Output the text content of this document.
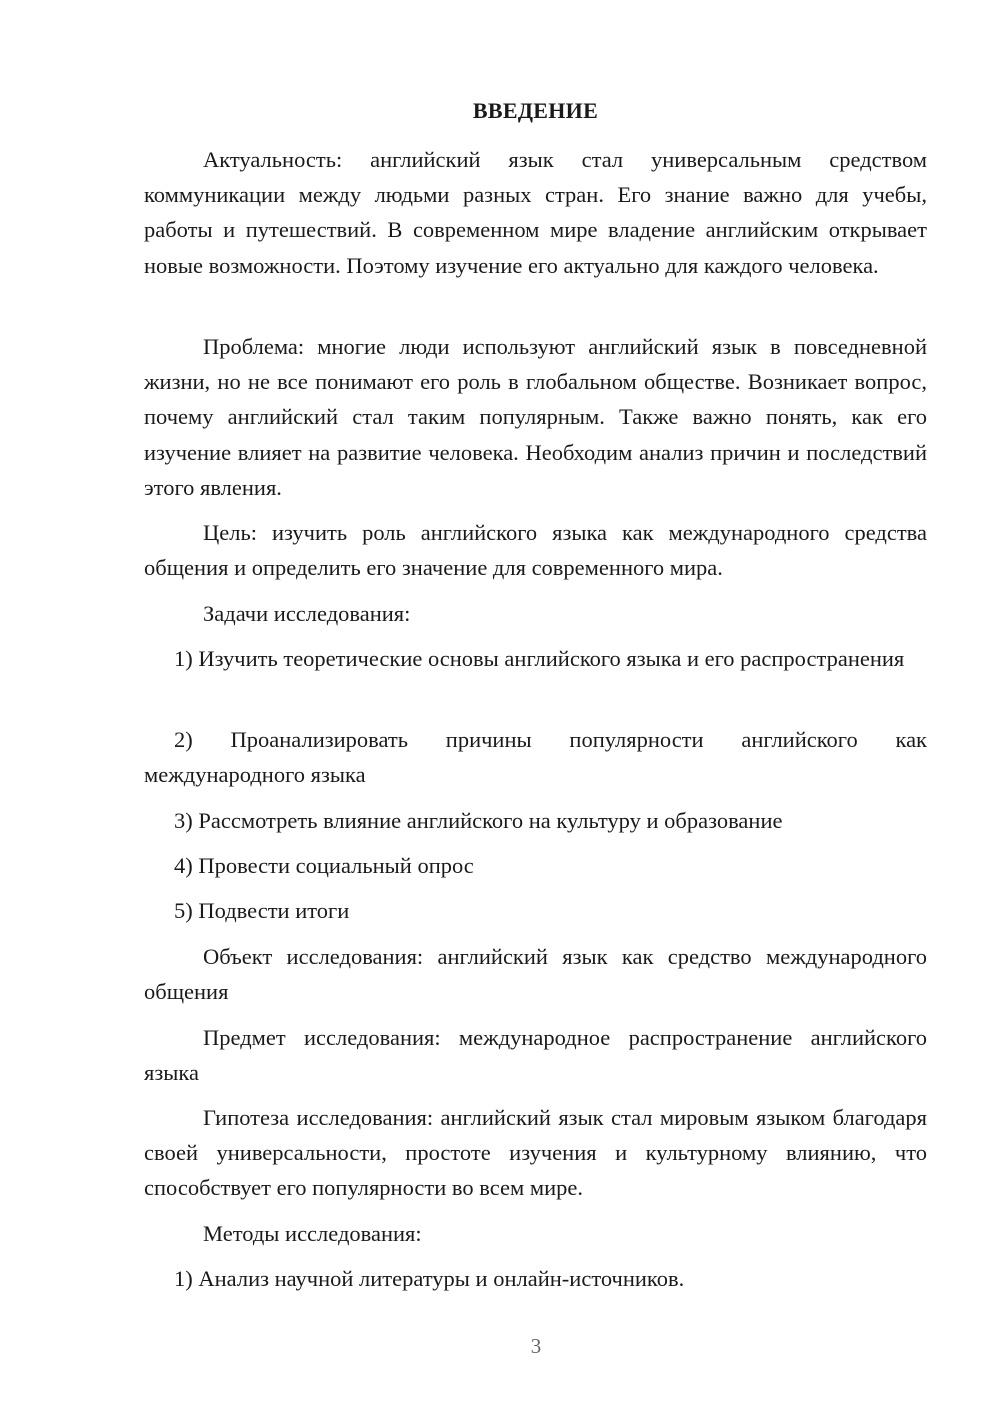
ВВЕДЕНИЕ

Актуальность: английский язык стал универсальным средством коммуникации между людьми разных стран. Его знание важно для учебы, работы и путешествий. В современном мире владение английским открывает новые возможности. Поэтому изучение его актуально для каждого человека.

Проблема: многие люди используют английский язык в повседневной жизни, но не все понимают его роль в глобальном обществе. Возникает вопрос, почему английский стал таким популярным. Также важно понять, как его изучение влияет на развитие человека. Необходим анализ причин и последствий этого явления.

Цель: изучить роль английского языка как международного средства общения и определить его значение для современного мира.

Задачи исследования:

1) Изучить теоретические основы английского языка и его распространения

2) Проанализировать причины популярности английского как международного языка

3) Рассмотреть влияние английского на культуру и образование

4) Провести социальный опрос

5) Подвести итоги

Объект исследования: английский язык как средство международного общения

Предмет исследования: международное распространение английского языка

Гипотеза исследования: английский язык стал мировым языком благодаря своей универсальности, простоте изучения и культурному влиянию, что способствует его популярности во всем мире.

Методы исследования:

1) Анализ научной литературы и онлайн-источников.

3
